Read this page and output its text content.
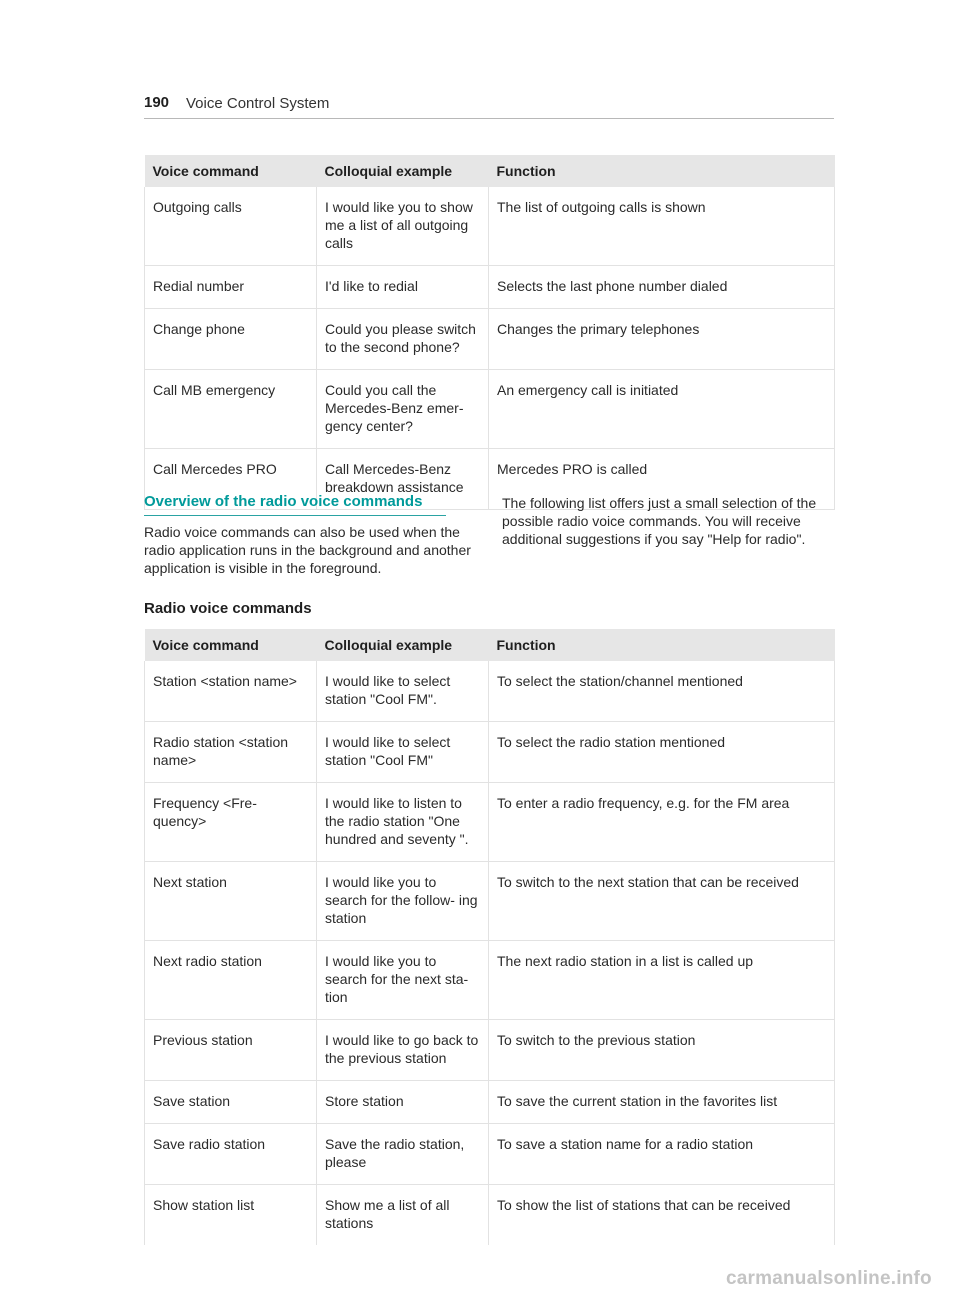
190 Voice Control System
Voice command	Colloquial example	Function
Outgoing calls	I would like you to show me a list of all outgoing calls	The list of outgoing calls is shown
Redial number	I'd like to redial	Selects the last phone number dialed
Change phone	Could you please switch to the second phone?	Changes the primary telephones
Call MB emergency	Could you call the Mercedes-Benz emer- gency center?	An emergency call is initiated
Call Mercedes PRO	Call Mercedes-Benz breakdown assistance	Mercedes PRO is called
Overview of the radio voice commands

Radio voice commands can also be used when the radio application runs in the background and another application is visible in the foreground.

The following list offers just a small selection of the possible radio voice commands. You will receive additional suggestions if you say "Help for radio".

Radio voice commands
Voice command	Colloquial example	Function
Station <station name>	I would like to select station "Cool FM".	To select the station/channel mentioned
Radio station <station name>	I would like to select station "Cool FM"	To select the radio station mentioned
Frequency <Fre- quency>	I would like to listen to the radio station "One hundred and seventy ".	To enter a radio frequency, e.g. for the FM area
Next station	I would like you to search for the follow- ing station	To switch to the next station that can be received
Next radio station	I would like you to search for the next sta- tion	The next radio station in a list is called up
Previous station	I would like to go back to the previous station	To switch to the previous station
Save station	Store station	To save the current station in the favorites list
Save radio station	Save the radio station, please	To save a station name for a radio station
Show station list	Show me a list of all stations	To show the list of stations that can be received
carmanualsonline.info
